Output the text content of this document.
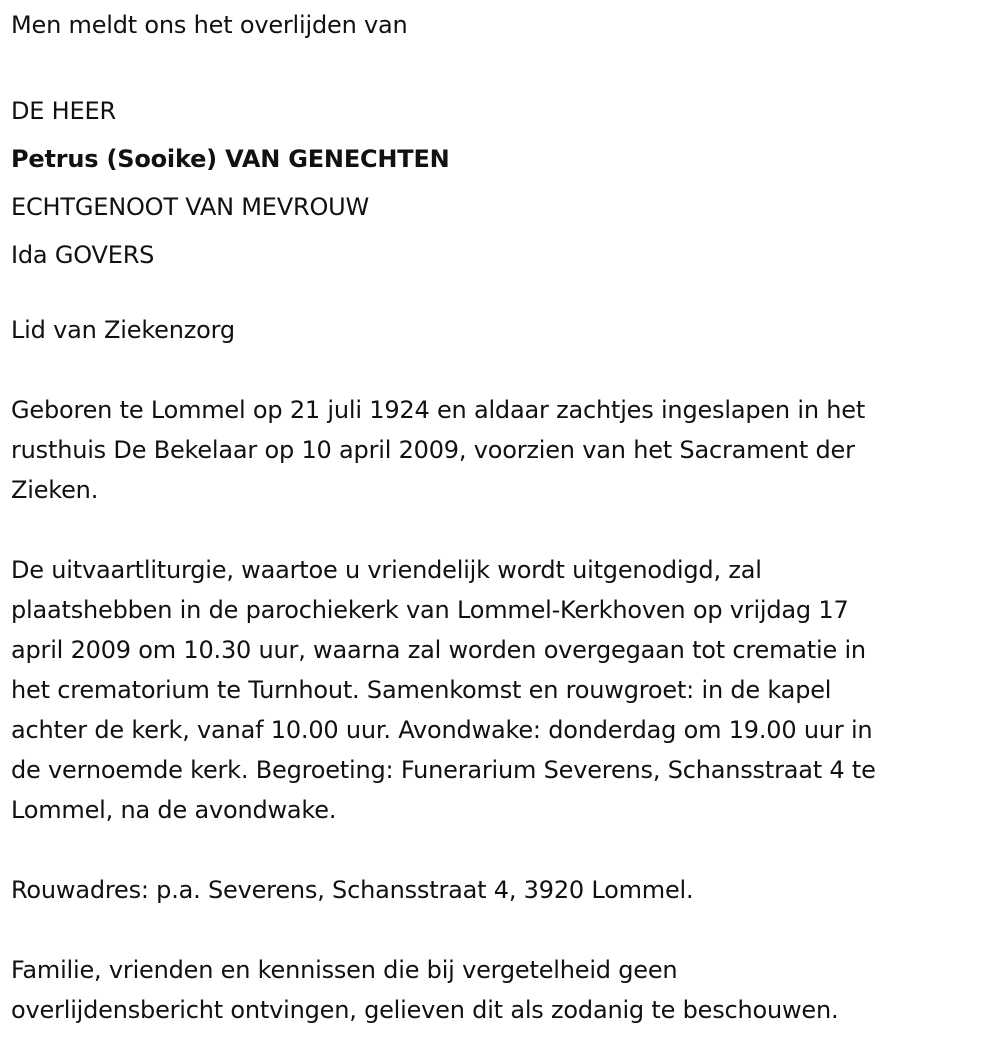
Men meldt ons het overlijden van
DE HEER
Petrus (Sooike) VAN GENECHTEN
ECHTGENOOT VAN MEVROUW
Ida GOVERS
Lid van Ziekenzorg
Geboren te Lommel op 21 juli 1924 en aldaar zachtjes ingeslapen in het
rusthuis De Bekelaar op 10 april 2009, voorzien van het Sacrament der
Zieken.
De uitvaartliturgie, waartoe u vriendelijk wordt uitgenodigd, zal
plaatshebben in de parochiekerk van Lommel-Kerkhoven op vrijdag 17
april 2009 om 10.30 uur, waarna zal worden overgegaan tot crematie in
het crematorium te Turnhout. Samenkomst en rouwgroet: in de kapel
achter de kerk, vanaf 10.00 uur. Avondwake: donderdag om 19.00 uur in
de vernoemde kerk. Begroeting: Funerarium Severens, Schansstraat 4 te
Lommel, na de avondwake.
Rouwadres: p.a. Severens, Schansstraat 4, 3920 Lommel.
Familie, vrienden en kennissen die bij vergetelheid geen
overlijdensbericht ontvingen, gelieven dit als zodanig te beschouwen.
